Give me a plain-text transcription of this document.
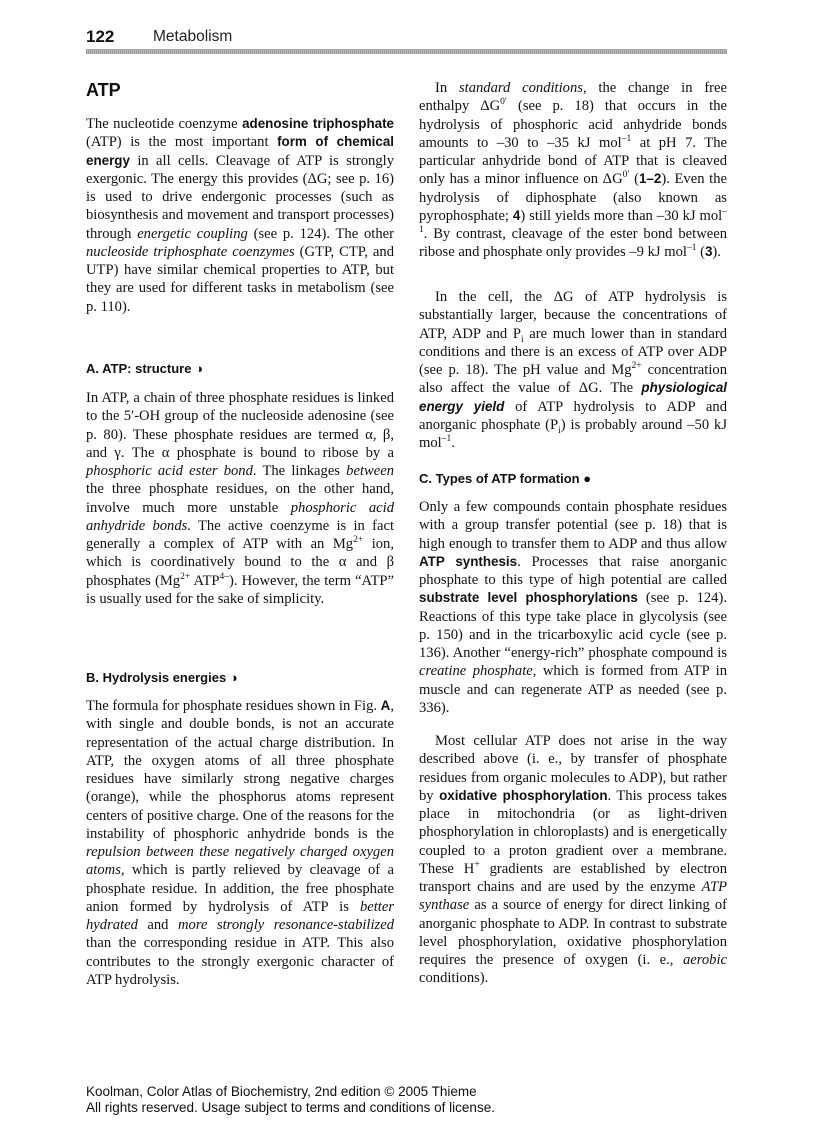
122 Metabolism
ATP
The nucleotide coenzyme adenosine triphosphate (ATP) is the most important form of chemical energy in all cells. Cleavage of ATP is strongly exergonic. The energy this provides (ΔG; see p. 16) is used to drive endergonic processes (such as biosynthesis and movement and transport processes) through energetic coupling (see p. 124). The other nucleoside triphosphate coenzymes (GTP, CTP, and UTP) have similar chemical properties to ATP, but they are used for different tasks in metabolism (see p. 110).
A. ATP: structure ◑
In ATP, a chain of three phosphate residues is linked to the 5′-OH group of the nucleoside adenosine (see p. 80). These phosphate residues are termed α, β, and γ. The α phosphate is bound to ribose by a phosphoric acid ester bond. The linkages between the three phosphate residues, on the other hand, involve much more unstable phosphoric acid anhydride bonds. The active coenzyme is in fact generally a complex of ATP with an $Mg^{2+}$ ion, which is coordinatively bound to the α and β phosphates ($Mg^{2+}$ $ATP^{4-}$). However, the term “ATP” is usually used for the sake of simplicity.
B. Hydrolysis energies ◑
The formula for phosphate residues shown in Fig. A, with single and double bonds, is not an accurate representation of the actual charge distribution. In ATP, the oxygen atoms of all three phosphate residues have similarly strong negative charges (orange), while the phosphorus atoms represent centers of positive charge. One of the reasons for the instability of phosphoric anhydride bonds is the repulsion between these negatively charged oxygen atoms, which is partly relieved by cleavage of a phosphate residue. In addition, the free phosphate anion formed by hydrolysis of ATP is better hydrated and more strongly resonance-stabilized than the corresponding residue in ATP. This also contributes to the strongly exergonic character of ATP hydrolysis.
In standard conditions, the change in free enthalpy $\Delta G^{0'}$ (see p. 18) that occurs in the hydrolysis of phosphoric acid anhydride bonds amounts to –30 to –35 kJ mol$^{-1}$ at pH 7. The particular anhydride bond of ATP that is cleaved only has a minor influence on $\Delta G^{0'}$ (1–2). Even the hydrolysis of diphosphate (also known as pyrophosphate; 4) still yields more than –30 kJ mol$^{-1}$. By contrast, cleavage of the ester bond between ribose and phosphate only provides –9 kJ mol$^{-1}$ (3).
In the cell, the ΔG of ATP hydrolysis is substantially larger, because the concentrations of ATP, ADP and $P_i$ are much lower than in standard conditions and there is an excess of ATP over ADP (see p. 18). The pH value and $Mg^{2+}$ concentration also affect the value of ΔG. The physiological energy yield of ATP hydrolysis to ADP and anorganic phosphate $(P_i)$ is probably around –50 kJ mol$^{-1}$.
C. Types of ATP formation ●
Only a few compounds contain phosphate residues with a group transfer potential (see p. 18) that is high enough to transfer them to ADP and thus allow ATP synthesis. Processes that raise anorganic phosphate to this type of high potential are called substrate level phosphorylations (see p. 124). Reactions of this type take place in glycolysis (see p. 150) and in the tricarboxylic acid cycle (see p. 136). Another “energy-rich” phosphate compound is creatine phosphate, which is formed from ATP in muscle and can regenerate ATP as needed (see p. 336).
Most cellular ATP does not arise in the way described above (i. e., by transfer of phosphate residues from organic molecules to ADP), but rather by oxidative phosphorylation. This process takes place in mitochondria (or as light-driven phosphorylation in chloroplasts) and is energetically coupled to a proton gradient over a membrane. These H+ gradients are established by electron transport chains and are used by the enzyme ATP synthase as a source of energy for direct linking of anorganic phosphate to ADP. In contrast to substrate level phosphorylation, oxidative phosphorylation requires the presence of oxygen (i. e., aerobic conditions).
Koolman, Color Atlas of Biochemistry, 2nd edition © 2005 Thieme
All rights reserved. Usage subject to terms and conditions of license.
